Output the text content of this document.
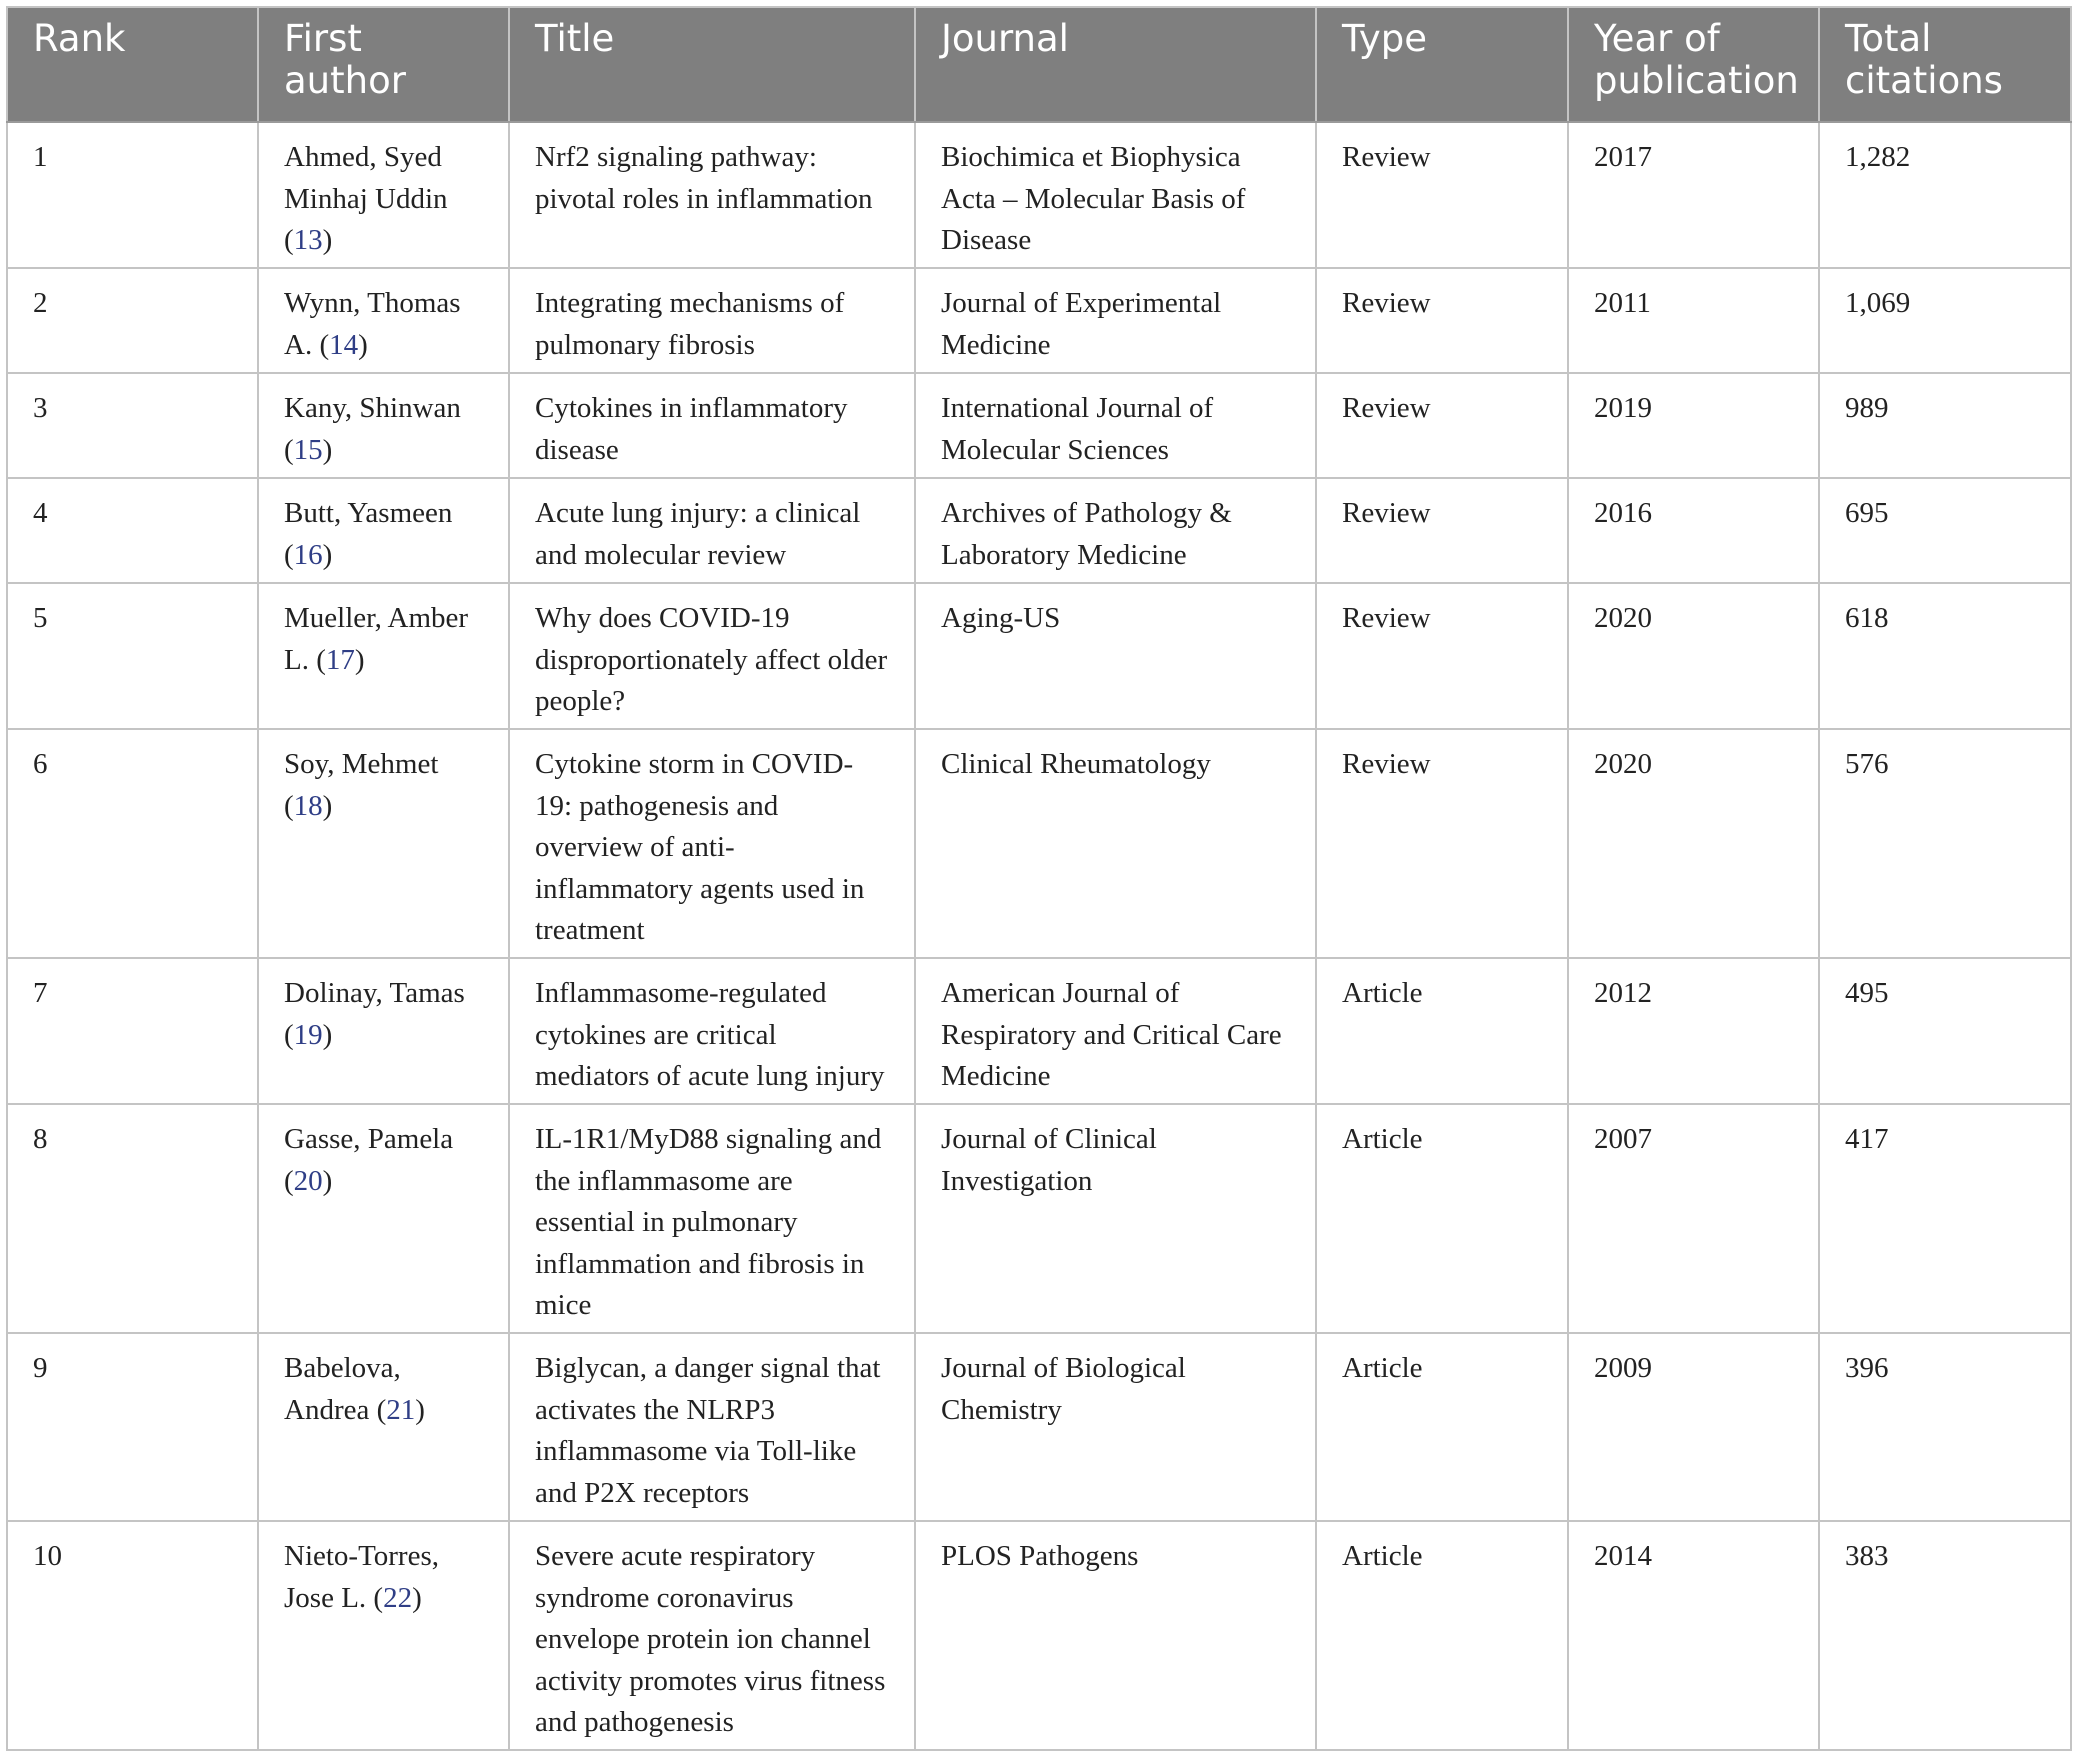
Rank	First author	Title	Journal	Type	Year of publication	Total citations
1	Ahmed, Syed Minhaj Uddin (13)	Nrf2 signaling pathway: pivotal roles in inflammation	Biochimica et Biophysica Acta – Molecular Basis of Disease	Review	2017	1,282
2	Wynn, Thomas A. (14)	Integrating mechanisms of pulmonary fibrosis	Journal of Experimental Medicine	Review	2011	1,069
3	Kany, Shinwan (15)	Cytokines in inflammatory disease	International Journal of Molecular Sciences	Review	2019	989
4	Butt, Yasmeen (16)	Acute lung injury: a clinical and molecular review	Archives of Pathology & Laboratory Medicine	Review	2016	695
5	Mueller, Amber L. (17)	Why does COVID-19 disproportionately affect older people?	Aging-US	Review	2020	618
6	Soy, Mehmet (18)	Cytokine storm in COVID-19: pathogenesis and overview of anti-inflammatory agents used in treatment	Clinical Rheumatology	Review	2020	576
7	Dolinay, Tamas (19)	Inflammasome-regulated cytokines are critical mediators of acute lung injury	American Journal of Respiratory and Critical Care Medicine	Article	2012	495
8	Gasse, Pamela (20)	IL-1R1/MyD88 signaling and the inflammasome are essential in pulmonary inflammation and fibrosis in mice	Journal of Clinical Investigation	Article	2007	417
9	Babelova, Andrea (21)	Biglycan, a danger signal that activates the NLRP3 inflammasome via Toll-like and P2X receptors	Journal of Biological Chemistry	Article	2009	396
10	Nieto-Torres, Jose L. (22)	Severe acute respiratory syndrome coronavirus envelope protein ion channel activity promotes virus fitness and pathogenesis	PLOS Pathogens	Article	2014	383
